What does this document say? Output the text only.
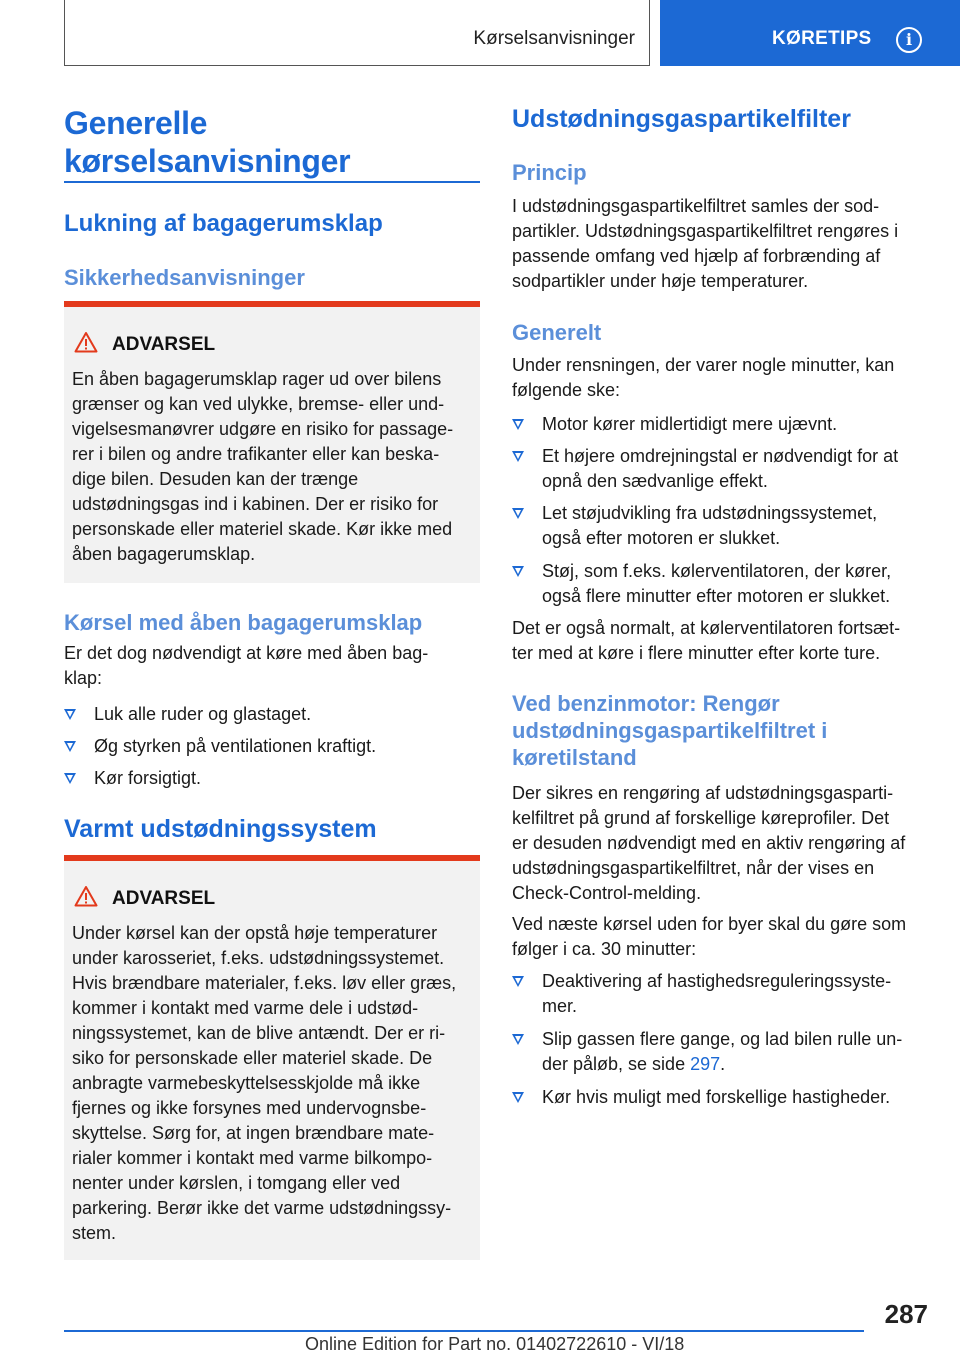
Kørselsanvisninger	KØRETIPS	i
Generelle
kørselsanvisninger
Lukning af bagagerumsklap
Sikkerhedsanvisninger
ADVARSEL
En åben bagagerumsklap rager ud over bilens
grænser og kan ved ulykke, bremse- eller und-
vigelsesmanøvrer udgøre en risiko for passage-
rer i bilen og andre trafikanter eller kan beska-
dige bilen. Desuden kan der trænge
udstødningsgas ind i kabinen. Der er risiko for
personskade eller materiel skade. Kør ikke med
åben bagagerumsklap.
Kørsel med åben bagagerumsklap
Er det dog nødvendigt at køre med åben bag-
klap:
Luk alle ruder og glastaget.
Øg styrken på ventilationen kraftigt.
Kør forsigtigt.
Varmt udstødningssystem
ADVARSEL
Under kørsel kan der opstå høje temperaturer
under karosseriet, f.eks. udstødningssystemet.
Hvis brændbare materialer, f.eks. løv eller græs,
kommer i kontakt med varme dele i udstød-
ningssystemet, kan de blive antændt. Der er ri-
siko for personskade eller materiel skade. De
anbragte varmebeskyttelsesskjolde må ikke
fjernes og ikke forsynes med undervognsbe-
skyttelse. Sørg for, at ingen brændbare mate-
rialer kommer i kontakt med varme bilkompo-
nenter under kørslen, i tomgang eller ved
parkering. Berør ikke det varme udstødningssy-
stem.
Udstødningsgaspartikelfilter
Princip
I udstødningsgaspartikelfiltret samles der sod-
partikler. Udstødningsgaspartikelfiltret rengøres i
passende omfang ved hjælp af forbrænding af
sodpartikler under høje temperaturer.
Generelt
Under rensningen, der varer nogle minutter, kan
følgende ske:
Motor kører midlertidigt mere ujævnt.
Et højere omdrejningstal er nødvendigt for at
opnå den sædvanlige effekt.
Let støjudvikling fra udstødningssystemet,
også efter motoren er slukket.
Støj, som f.eks. kølerventilatoren, der kører,
også flere minutter efter motoren er slukket.
Det er også normalt, at kølerventilatoren fortsæt-
ter med at køre i flere minutter efter korte ture.
Ved benzinmotor: Rengør
udstødningsgaspartikelfiltret i
køretilstand
Der sikres en rengøring af udstødningsgasparti-
kelfiltret på grund af forskellige køreprofiler. Det
er desuden nødvendigt med en aktiv rengøring af
udstødningsgaspartikelfiltret, når der vises en
Check-Control-melding.
Ved næste kørsel uden for byer skal du gøre som
følger i ca. 30 minutter:
Deaktivering af hastighedsreguleringssyste-
mer.
Slip gassen flere gange, og lad bilen rulle un-
der påløb, se side 297.
Kør hvis muligt med forskellige hastigheder.
287
Online Edition for Part no. 01402722610 - VI/18
